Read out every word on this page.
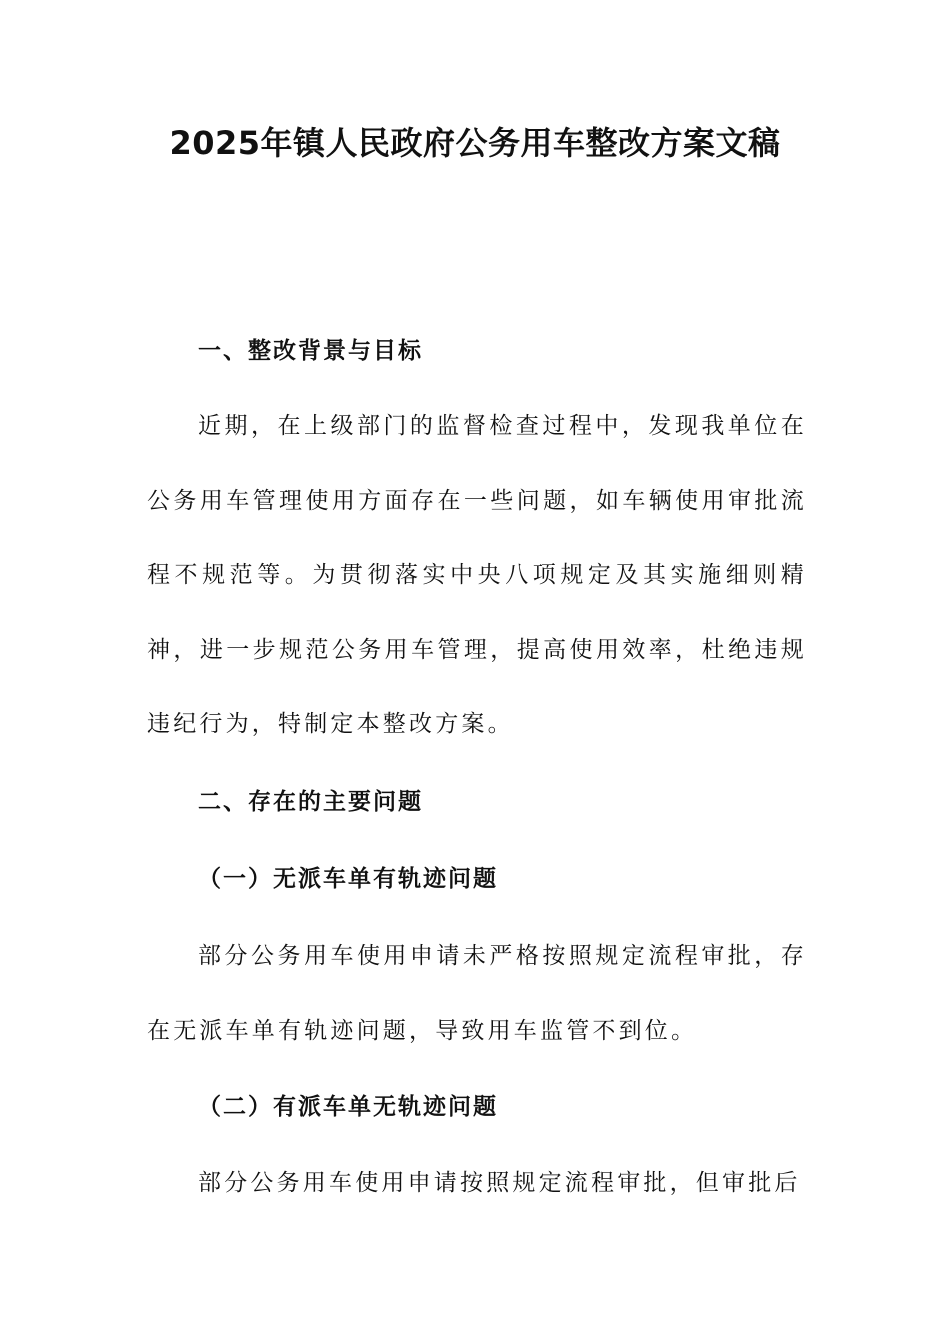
2025年镇人民政府公务用车整改方案文稿
一、整改背景与目标

近期，在上级部门的监督检查过程中，发现我单位在公务用车管理使用方面存在一些问题，如车辆使用审批流程不规范等。为贯彻落实中央八项规定及其实施细则精神，进一步规范公务用车管理，提高使用效率，杜绝违规违纪行为，特制定本整改方案。

二、存在的主要问题
（一）无派车单有轨迹问题

部分公务用车使用申请未严格按照规定流程审批，存在无派车单有轨迹问题，导致用车监管不到位。

（二）有派车单无轨迹问题

部分公务用车使用申请按照规定流程审批，但审批后
